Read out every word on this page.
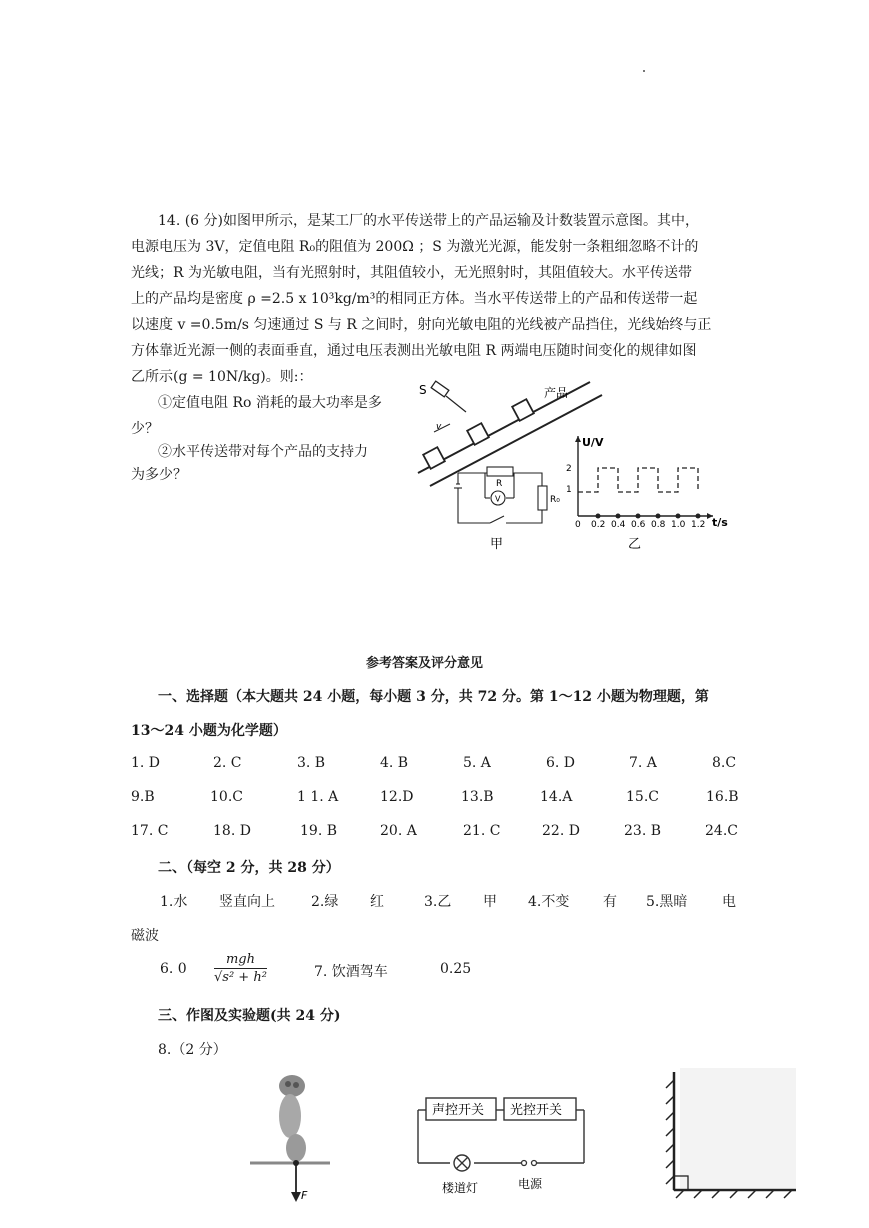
14. (6 分)如图甲所示，是某工厂的水平传送带上的产品运输及计数装置示意图。其中，
电源电压为 3V，定值电阻 R₀的阻值为 200Ω ；S 为激光光源，能发射一条粗细忽略不计的
光线；R 为光敏电阻，当有光照射时，其阻值较小，无光照射时，其阻值较大。水平传送带
上的产品均是密度 ρ =2.5 x 10³kg/m³的相同正方体。当水平传送带上的产品和传送带一起
以速度 v =0.5m/s 匀速通过 S 与 R 之间时，射向光敏电阻的光线被产品挡住，光线始终与正
方体靠近光源一侧的表面垂直，通过电压表测出光敏电阻 R 两端电压随时间变化的规律如图
乙所示(g = 10N/kg)。则:：
①定值电阻 Ro 消耗的最大功率是多
少？
②水平传送带对每个产品的支持力
为多少？
S	产品
v
R
V	R₀
甲
U/V
t/s
2
1
0 0.2 0.4 0.6 0.8 1.0 1.2
乙
参考答案及评分意见
一、选择题（本大题共 24 小题，每小题 3 分，共 72 分。第 1～12 小题为物理题，第
13～24 小题为化学题）
1. D	2. C	3. B	4. B	5. A	6. D	7. A	8.C
9.B	10.C	1 1. A	12.D	13.B	14.A	15.C	16.B
17. C	18. D	19. B	20. A	21. C	22. D	23. B	24.C
二、（每空 2 分，共 28 分）
1.水 竖直向上	2.绿 红	3.乙 甲 4.不变 有 5.黑暗 电
磁波
6. 0
mgh
√s² + h²	7. 饮酒驾车	0.25
三、作图及实验题(共 24 分)
8.（2 分）
F
声控开关 光控开关
楼道灯	电源
